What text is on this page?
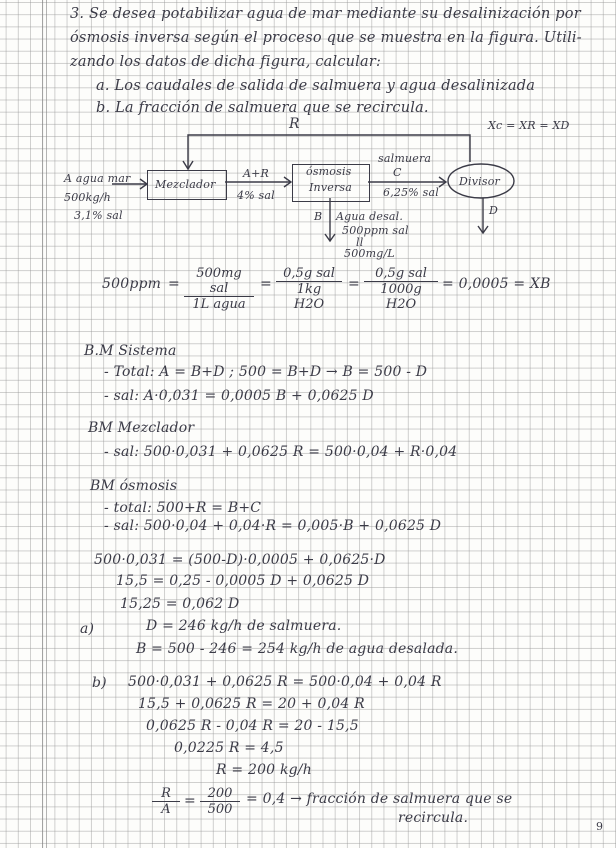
3. Se desea potabilizar agua de mar mediante su desalinización por
ósmosis inversa según el proceso que se muestra en la figura. Utili-
zando los datos de dicha figura, calcular:
a. Los caudales de salida de salmuera y agua desalinizada
b. La fracción de salmuera que se recircula.
R	Xc = XR = XD
A agua mar
500kg/h
3,1% sal
Mezclador
A+R
4% sal
ósmosis
Inversa
salmuera
C
6,25% sal
Divisor
D
B Agua desal.
500ppm sal
ll
500mg/L
500ppm =
500mg sal
1L agua
=
0,5g sal
1kg H2O
=
0,5g sal
1000g H2O
= 0,0005 = XB
B.M Sistema
- Total: A = B+D ; 500 = B+D → B = 500 - D
- sal: A·0,031 = 0,0005 B + 0,0625 D
BM Mezclador
- sal: 500·0,031 + 0,0625 R = 500·0,04 + R·0,04
BM ósmosis
- total: 500+R = B+C
- sal: 500·0,04 + 0,04·R = 0,005·B + 0,0625 D
500·0,031 = (500-D)·0,0005 + 0,0625·D
15,5 = 0,25 - 0,0005 D + 0,0625 D
15,25 = 0,062 D
a)	D = 246 kg/h de salmuera.
B = 500 - 246 = 254 kg/h de agua desalada.
b) 500·0,031 + 0,0625 R = 500·0,04 + 0,04 R
15,5 + 0,0625 R = 20 + 0,04 R
0,0625 R - 0,04 R = 20 - 15,5
0,0225 R = 4,5
R = 200 kg/h
$\frac{R}{A} = \frac{200}{500} = 0,4$ → fracción de salmuera que se
recircula.
9
